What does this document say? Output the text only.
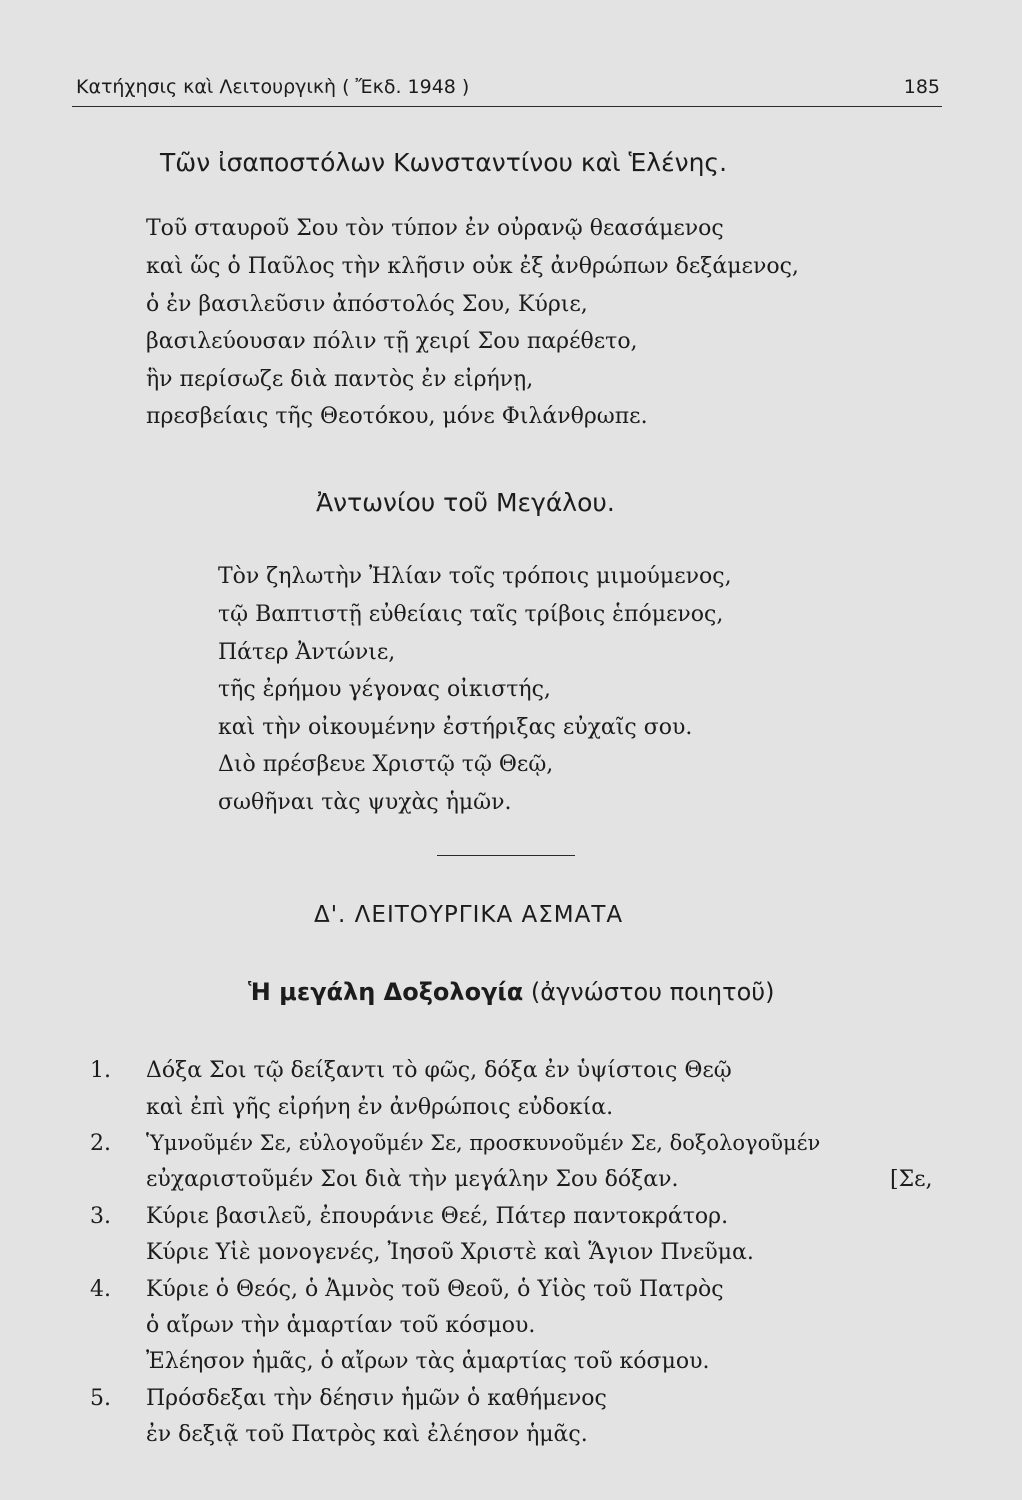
Κατήχησις καὶ Λειτουργικὴ ( Ἔκδ. 1948 )	185
Τῶν ἰσαποστόλων Κωνσταντίνου καὶ Ἑλένης.
Τοῦ σταυροῦ Σου τὸν τύπον ἐν οὐρανῷ θεασάμενος
καὶ ὥς ὁ Παῦλος τὴν κλῆσιν οὐκ ἐξ ἀνθρώπων δεξάμενος,
ὁ ἐν βασιλεῦσιν ἀπόστολός Σου, Κύριε,
βασιλεύουσαν πόλιν τῇ χειρί Σου παρέθετο,
ἣν περίσωζε διὰ παντὸς ἐν εἰρήνῃ,
πρεσβείαις τῆς Θεοτόκου, μόνε Φιλάνθρωπε.
Ἀντωνίου τοῦ Μεγάλου.
Τὸν ζηλωτὴν Ἠλίαν τοῖς τρόποις μιμούμενος,
τῷ Βαπτιστῇ εὐθείαις ταῖς τρίβοις ἑπόμενος,
Πάτερ Ἀντώνιε,
τῆς ἐρήμου γέγονας οἰκιστής,
καὶ τὴν οἰκουμένην ἐστήριξας εὐχαῖς σου.
Διὸ πρέσβευε Χριστῷ τῷ Θεῷ,
σωθῆναι τὰς ψυχὰς ἡμῶν.
Δ'. ΛΕΙΤΟΥΡΓΙΚΑ ΑΣΜΑΤΑ
Ἡ μεγάλη Δοξολογία (ἀγνώστου ποιητοῦ)
1. Δόξα Σοι τῷ δείξαντι τὸ φῶς, δόξα ἐν ὑψίστοις Θεῷ
καὶ ἐπὶ γῆς εἰρήνη ἐν ἀνθρώποις εὐδοκία.
2. Ὑμνοῦμέν Σε, εὐλογοῦμέν Σε, προσκυνοῦμέν Σε, δοξολογοῦμέν
εὐχαριστοῦμέν Σοι διὰ τὴν μεγάλην Σου δόξαν.	[Σε,
3. Κύριε βασιλεῦ, ἐπουράνιε Θεέ, Πάτερ παντοκράτορ.
Κύριε Υἱὲ μονογενές, Ἰησοῦ Χριστὲ καὶ Ἅγιον Πνεῦμα.
4. Κύριε ὁ Θεός, ὁ Ἀμνὸς τοῦ Θεοῦ, ὁ Υἱὸς τοῦ Πατρὸς
ὁ αἴρων τὴν ἁμαρτίαν τοῦ κόσμου.
Ἐλέησον ἡμᾶς, ὁ αἴρων τὰς ἁμαρτίας τοῦ κόσμου.
5. Πρόσδεξαι τὴν δέησιν ἡμῶν ὁ καθήμενος
ἐν δεξιᾷ τοῦ Πατρὸς καὶ ἐλέησον ἡμᾶς.
